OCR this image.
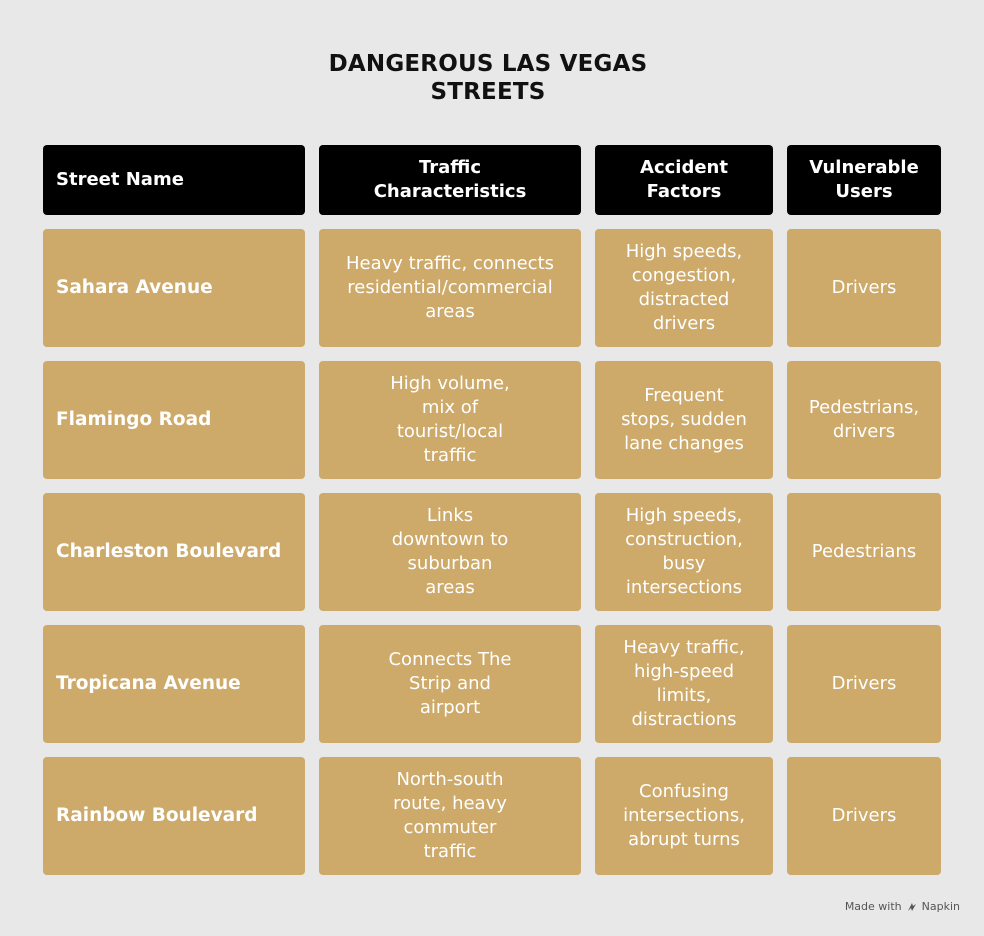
DANGEROUS LAS VEGAS
STREETS
Street Name
Traffic
Characteristics
Accident
Factors
Vulnerable
Users
Sahara Avenue
Heavy traffic, connects
residential/commercial
areas
High speeds,
congestion,
distracted
drivers
Drivers
Flamingo Road
High volume,
mix of
tourist/local
traffic
Frequent
stops, sudden
lane changes
Pedestrians,
drivers
Charleston Boulevard
Links
downtown to
suburban
areas
High speeds,
construction,
busy
intersections
Pedestrians
Tropicana Avenue
Connects The
Strip and
airport
Heavy traffic,
high-speed
limits,
distractions
Drivers
Rainbow Boulevard
North-south
route, heavy
commuter
traffic
Confusing
intersections,
abrupt turns
Drivers
Made with Napkin
